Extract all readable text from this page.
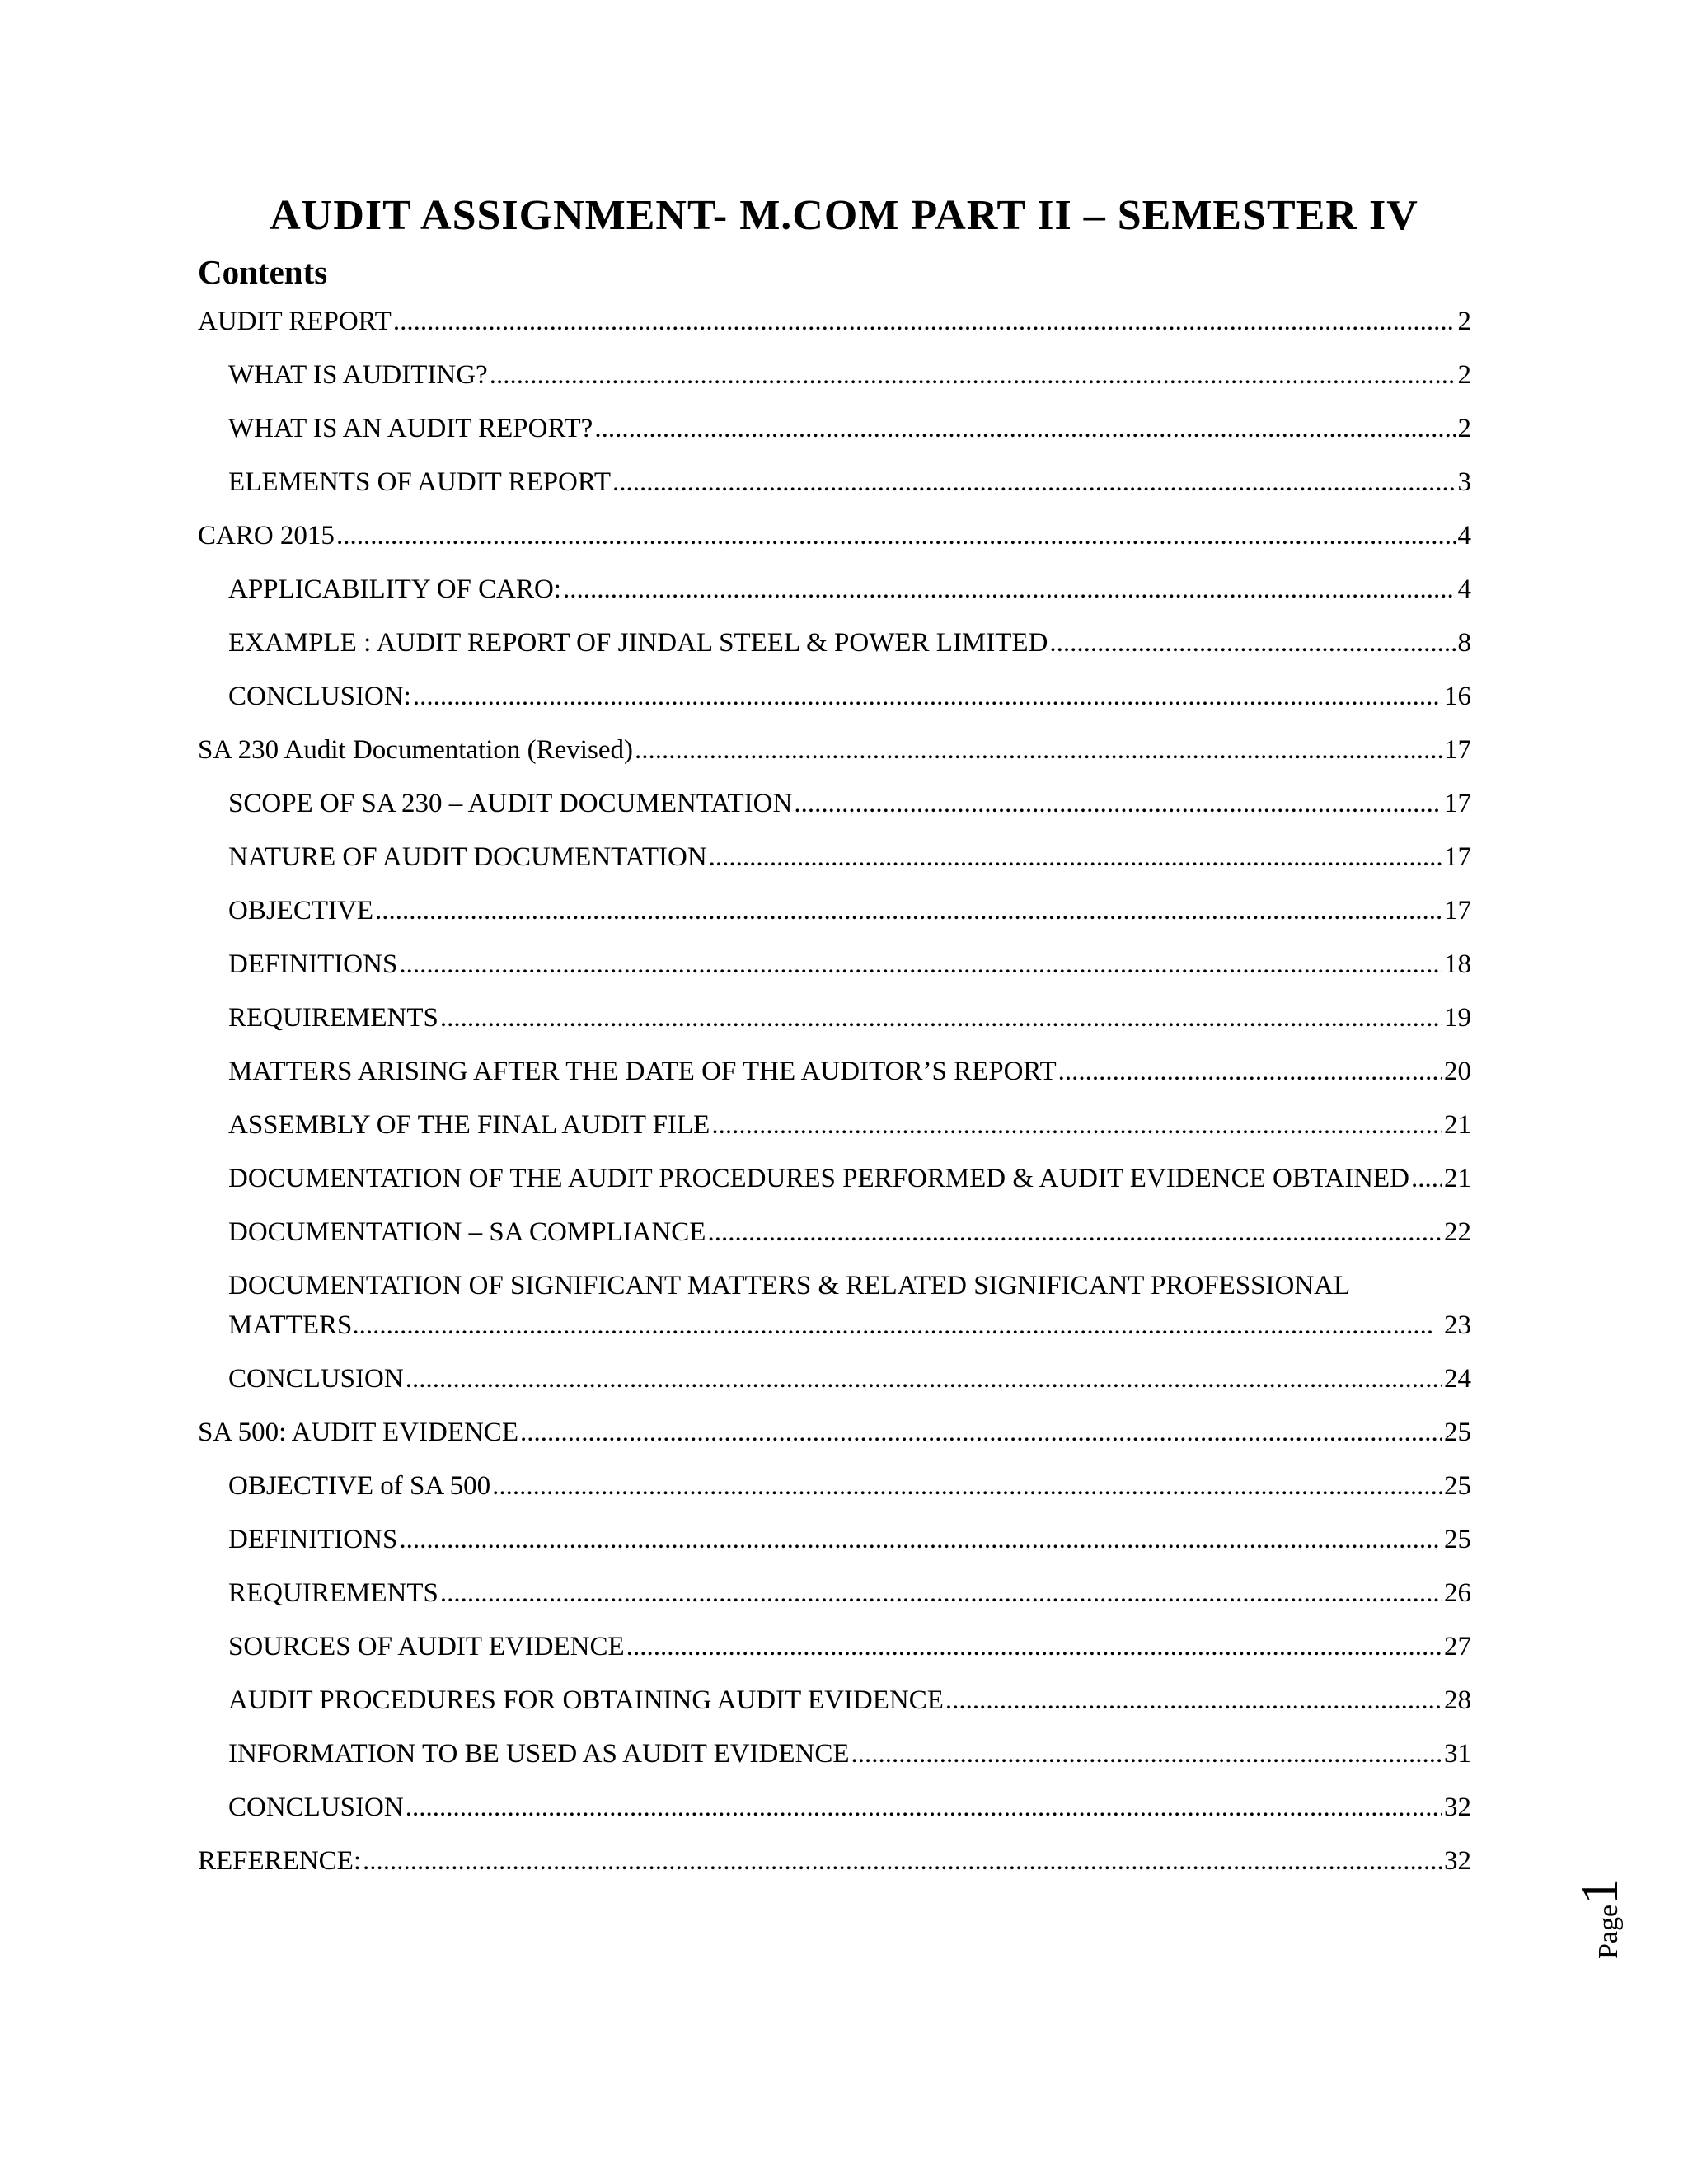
AUDIT ASSIGNMENT- M.COM PART II – SEMESTER IV
Contents
AUDIT REPORT .....	2
WHAT IS AUDITING? .....	2
WHAT IS AN AUDIT REPORT? .....	2
ELEMENTS OF AUDIT REPORT .....	3
CARO 2015 .....	4
APPLICABILITY OF CARO: .....	4
EXAMPLE : AUDIT REPORT OF JINDAL STEEL & POWER LIMITED .....	8
CONCLUSION: .....	16
SA 230 Audit Documentation (Revised) .....	17
SCOPE OF SA 230 – AUDIT DOCUMENTATION .....	17
NATURE OF AUDIT DOCUMENTATION .....	17
OBJECTIVE .....	17
DEFINITIONS .....	18
REQUIREMENTS .....	19
MATTERS ARISING AFTER THE DATE OF THE AUDITOR’S REPORT .....	20
ASSEMBLY OF THE FINAL AUDIT FILE .....	21
DOCUMENTATION OF THE AUDIT PROCEDURES PERFORMED & AUDIT EVIDENCE OBTAINED ..... 21
DOCUMENTATION – SA COMPLIANCE .....	22
DOCUMENTATION OF SIGNIFICANT MATTERS & RELATED SIGNIFICANT PROFESSIONAL MATTERS............................................................................................................................................................... 23
CONCLUSION .....	24
SA 500: AUDIT EVIDENCE .....	25
OBJECTIVE of SA 500 .....	25
DEFINITIONS .....	25
REQUIREMENTS .....	26
SOURCES OF AUDIT EVIDENCE .....	27
AUDIT PROCEDURES FOR OBTAINING AUDIT EVIDENCE .....	28
INFORMATION TO BE USED AS AUDIT EVIDENCE .....	31
CONCLUSION .....	32
REFERENCE: .....	32
Page1
